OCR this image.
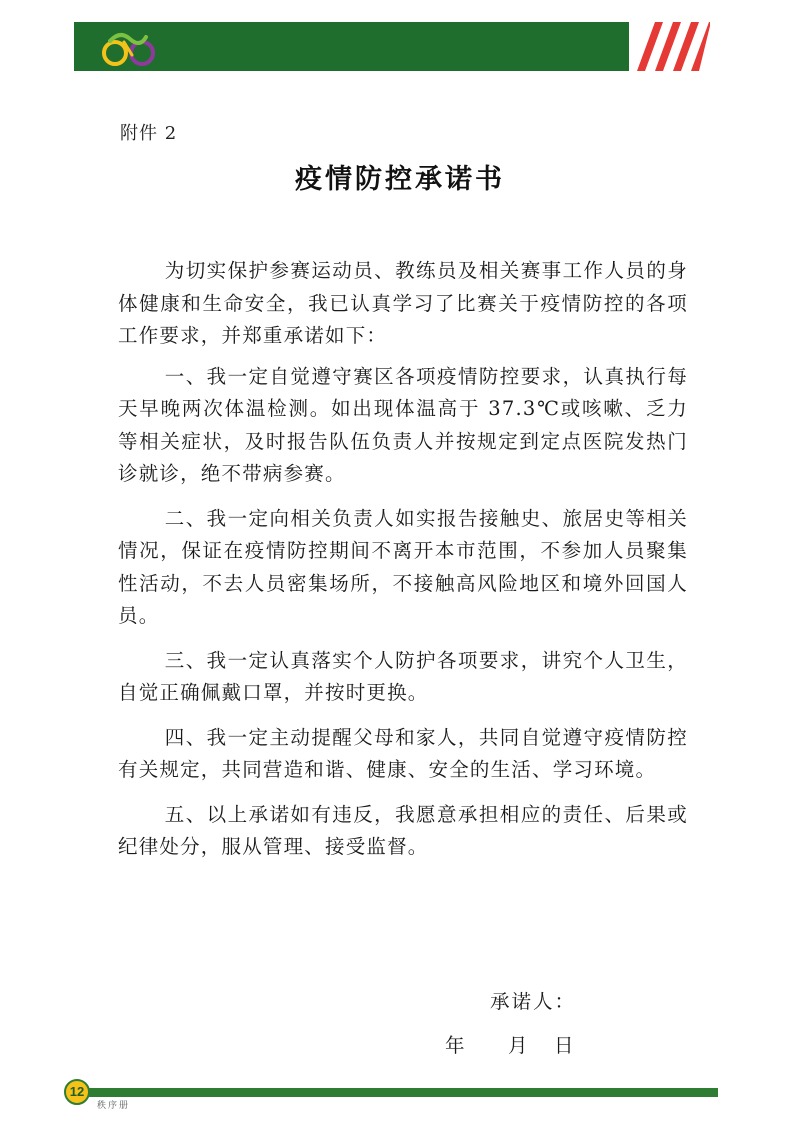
附件 2
疫情防控承诺书

为切实保护参赛运动员、教练员及相关赛事工作人员的身体健康和生命安全，我已认真学习了比赛关于疫情防控的各项工作要求，并郑重承诺如下：

一、我一定自觉遵守赛区各项疫情防控要求，认真执行每天早晚两次体温检测。如出现体温高于 37.3℃或咳嗽、乏力等相关症状，及时报告队伍负责人并按规定到定点医院发热门诊就诊，绝不带病参赛。

二、我一定向相关负责人如实报告接触史、旅居史等相关情况，保证在疫情防控期间不离开本市范围，不参加人员聚集性活动，不去人员密集场所，不接触高风险地区和境外回国人员。

三、我一定认真落实个人防护各项要求，讲究个人卫生，自觉正确佩戴口罩，并按时更换。

四、我一定主动提醒父母和家人，共同自觉遵守疫情防控有关规定，共同营造和谐、健康、安全的生活、学习环境。

五、以上承诺如有违反，我愿意承担相应的责任、后果或纪律处分，服从管理、接受监督。

承诺人：
年	月	日
12
秩序册
